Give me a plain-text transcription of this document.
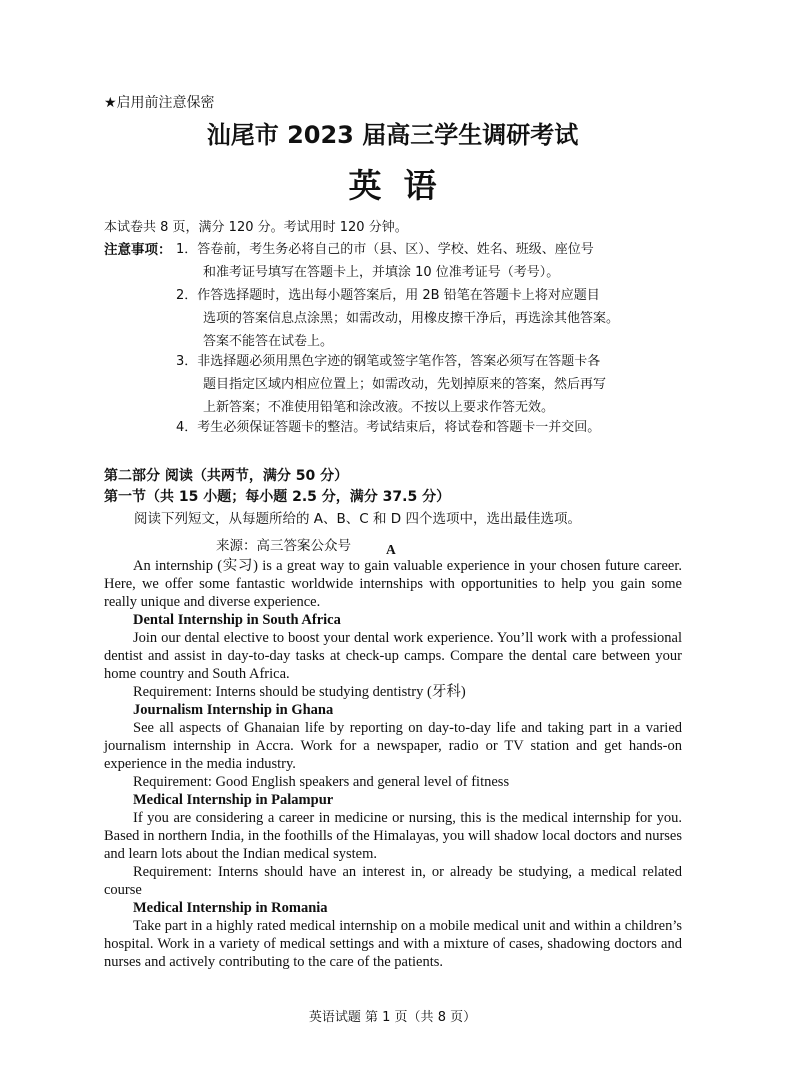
★启用前注意保密
汕尾市 2023 届高三学生调研考试
英语
本试卷共 8 页，满分 120 分。考试用时 120 分钟。
注意事项： 1．答卷前，考生务必将自己的市（县、区）、学校、姓名、班级、座位号
和准考证号填写在答题卡上，并填涂 10 位准考证号（考号）。
2．作答选择题时，选出每小题答案后，用 2B 铅笔在答题卡上将对应题目
选项的答案信息点涂黑；如需改动，用橡皮擦干净后，再选涂其他答案。
答案不能答在试卷上。
3．非选择题必须用黑色字迹的钢笔或签字笔作答，答案必须写在答题卡各
题目指定区域内相应位置上；如需改动，先划掉原来的答案，然后再写
上新答案；不准使用铅笔和涂改液。不按以上要求作答无效。
4．考生必须保证答题卡的整洁。考试结束后，将试卷和答题卡一并交回。
第二部分 阅读（共两节，满分 50 分）
第一节（共 15 小题；每小题 2.5 分，满分 37.5 分）
阅读下列短文，从每题所给的 A、B、C 和 D 四个选项中，选出最佳选项。
来源：高三答案公众号	A

An internship (实习) is a great way to gain valuable experience in your chosen future career. Here, we offer some fantastic worldwide internships with opportunities to help you gain some really unique and diverse experience.

Dental Internship in South Africa

Join our dental elective to boost your dental work experience. You’ll work with a professional dentist and assist in day-to-day tasks at check-up camps. Compare the dental care between your home country and South Africa.

Requirement: Interns should be studying dentistry (牙科)

Journalism Internship in Ghana

See all aspects of Ghanaian life by reporting on day-to-day life and taking part in a varied journalism internship in Accra. Work for a newspaper, radio or TV station and get hands-on experience in the media industry.

Requirement: Good English speakers and general level of fitness

Medical Internship in Palampur

If you are considering a career in medicine or nursing, this is the medical internship for you. Based in northern India, in the foothills of the Himalayas, you will shadow local doctors and nurses and learn lots about the Indian medical system.

Requirement: Interns should have an interest in, or already be studying, a medical related course

Medical Internship in Romania

Take part in a highly rated medical internship on a mobile medical unit and within a children’s hospital. Work in a variety of medical settings and with a mixture of cases, shadowing doctors and nurses and actively contributing to the care of the patients.

英语试题 第 1 页（共 8 页）
